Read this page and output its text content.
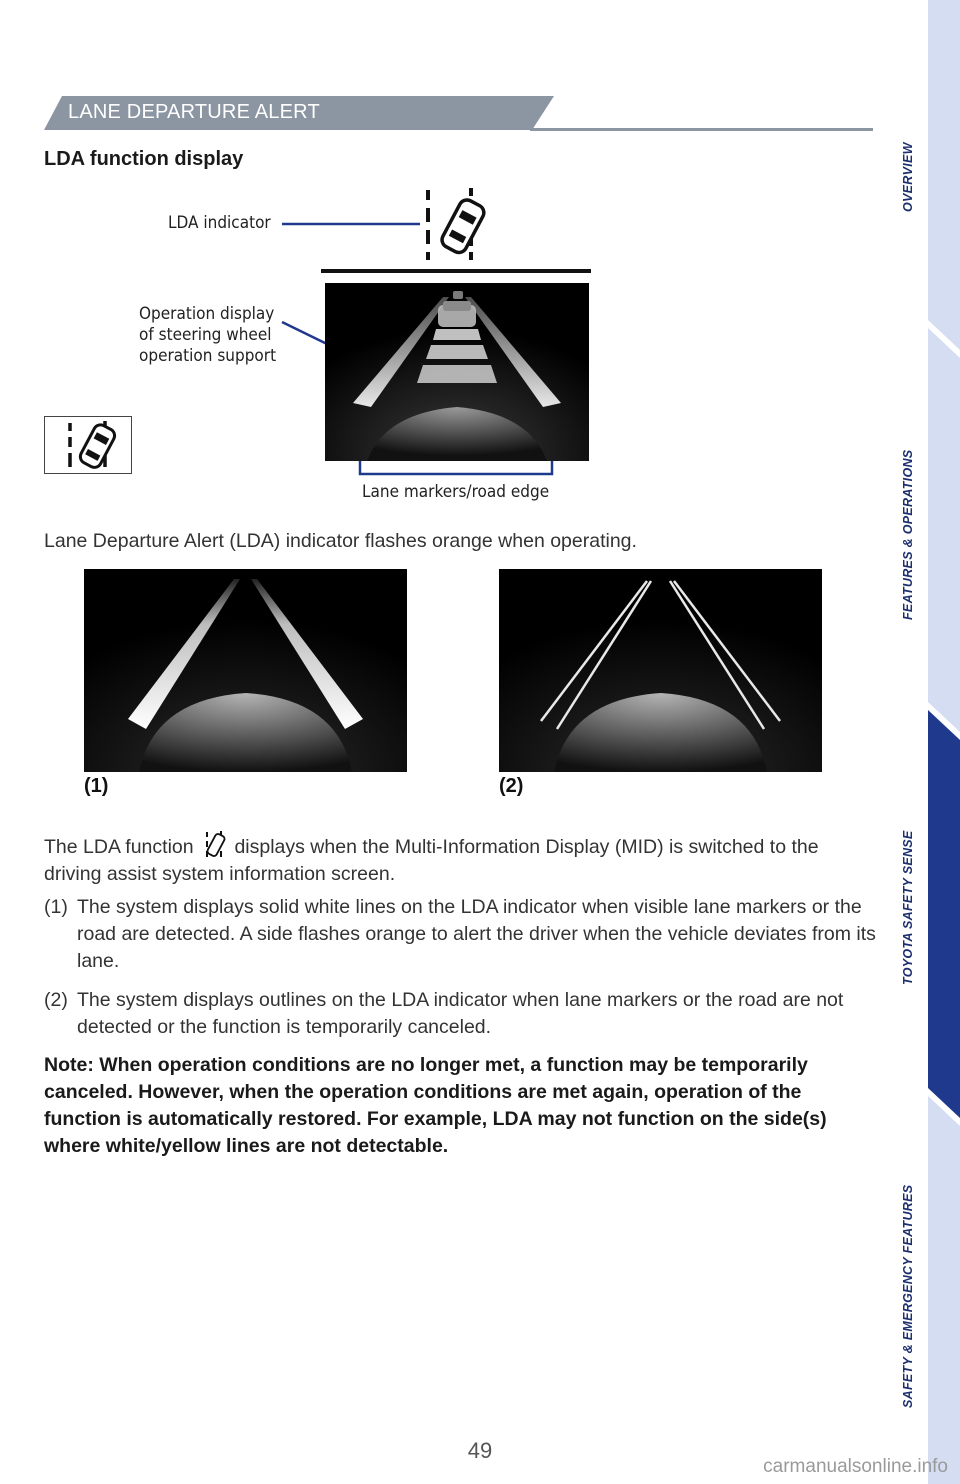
LANE DEPARTURE ALERT
LDA function display
LDA indicator
Operation display
of steering wheel
operation support
Lane markers/road edge
Lane Departure Alert (LDA) indicator flashes orange when operating.
(1)	(2)
The LDA function displays when the Multi-Information Display (MID) is switched to the driving assist system information screen.
(1) The system displays solid white lines on the LDA indicator when visible lane markers or the road are detected. A side flashes orange to alert the driver when the vehicle deviates from its lane.
(2) The system displays outlines on the LDA indicator when lane markers or the road are not detected or the function is temporarily canceled.
Note: When operation conditions are no longer met, a function may be temporarily canceled. However, when the operation conditions are met again, operation of the function is automatically restored. For example, LDA may not function on the side(s) where white/yellow lines are not detectable.
OVERVIEW
FEATURES & OPERATIONS
TOYOTA SAFETY SENSE
SAFETY & EMERGENCY FEATURES
49
carmanualsonline.info
